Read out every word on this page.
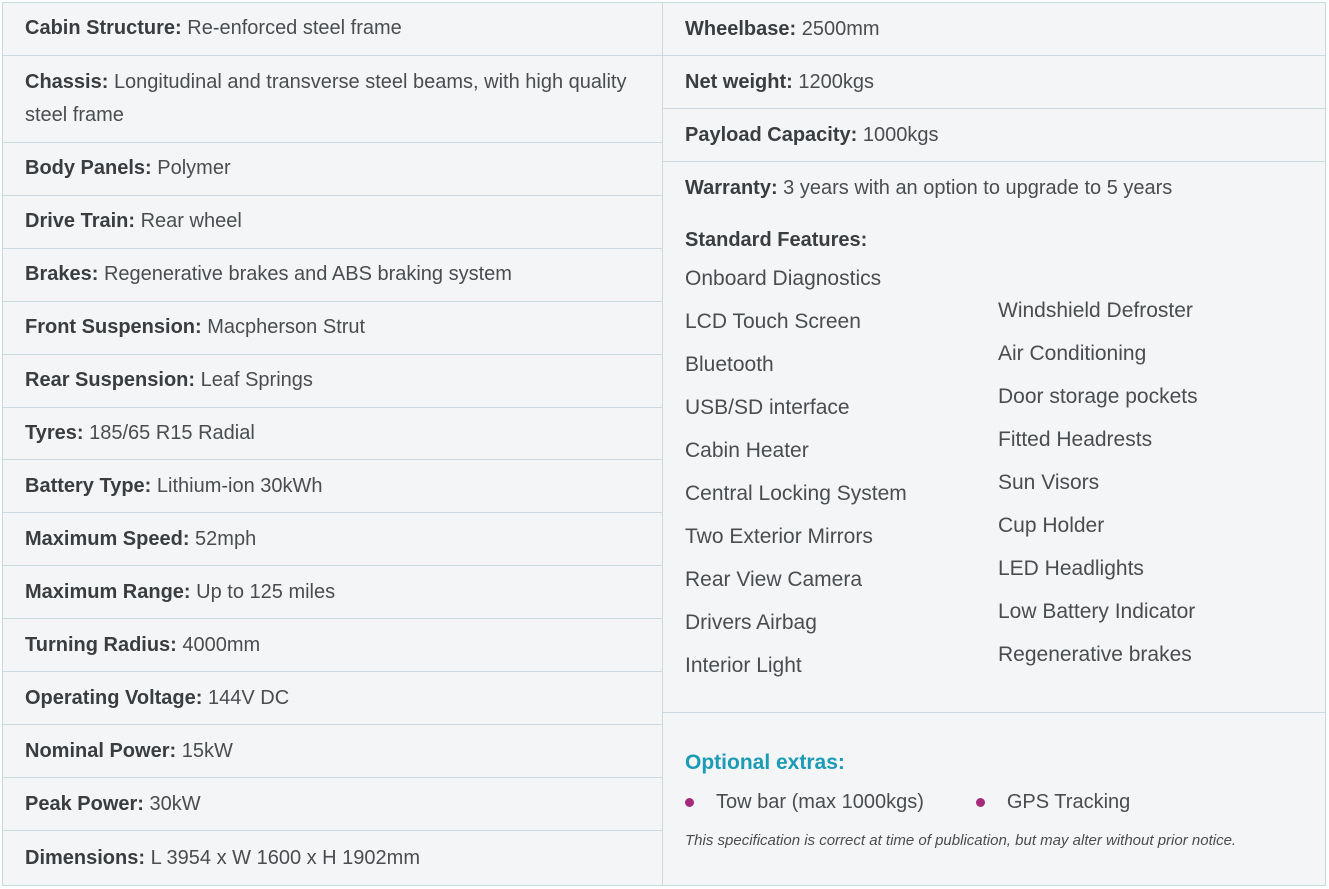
Cabin Structure: Re-enforced steel frame
Chassis: Longitudinal and transverse steel beams, with high quality steel frame
Body Panels: Polymer
Drive Train: Rear wheel
Brakes: Regenerative brakes and ABS braking system
Front Suspension: Macpherson Strut
Rear Suspension: Leaf Springs
Tyres: 185/65 R15 Radial
Battery Type: Lithium-ion 30kWh
Maximum Speed: 52mph
Maximum Range: Up to 125 miles
Turning Radius: 4000mm
Operating Voltage: 144V DC
Nominal Power: 15kW
Peak Power: 30kW
Dimensions: L 3954 x W 1600 x H 1902mm
Wheelbase: 2500mm
Net weight: 1200kgs
Payload Capacity: 1000kgs
Warranty: 3 years with an option to upgrade to 5 years
Standard Features:
Onboard Diagnostics
LCD Touch Screen
Bluetooth
USB/SD interface
Cabin Heater
Central Locking System
Two Exterior Mirrors
Rear View Camera
Drivers Airbag
Interior Light
Windshield Defroster
Air Conditioning
Door storage pockets
Fitted Headrests
Sun Visors
Cup Holder
LED Headlights
Low Battery Indicator
Regenerative brakes
Optional extras:
Tow bar (max 1000kgs)	GPS Tracking
This specification is correct at time of publication, but may alter without prior notice.
